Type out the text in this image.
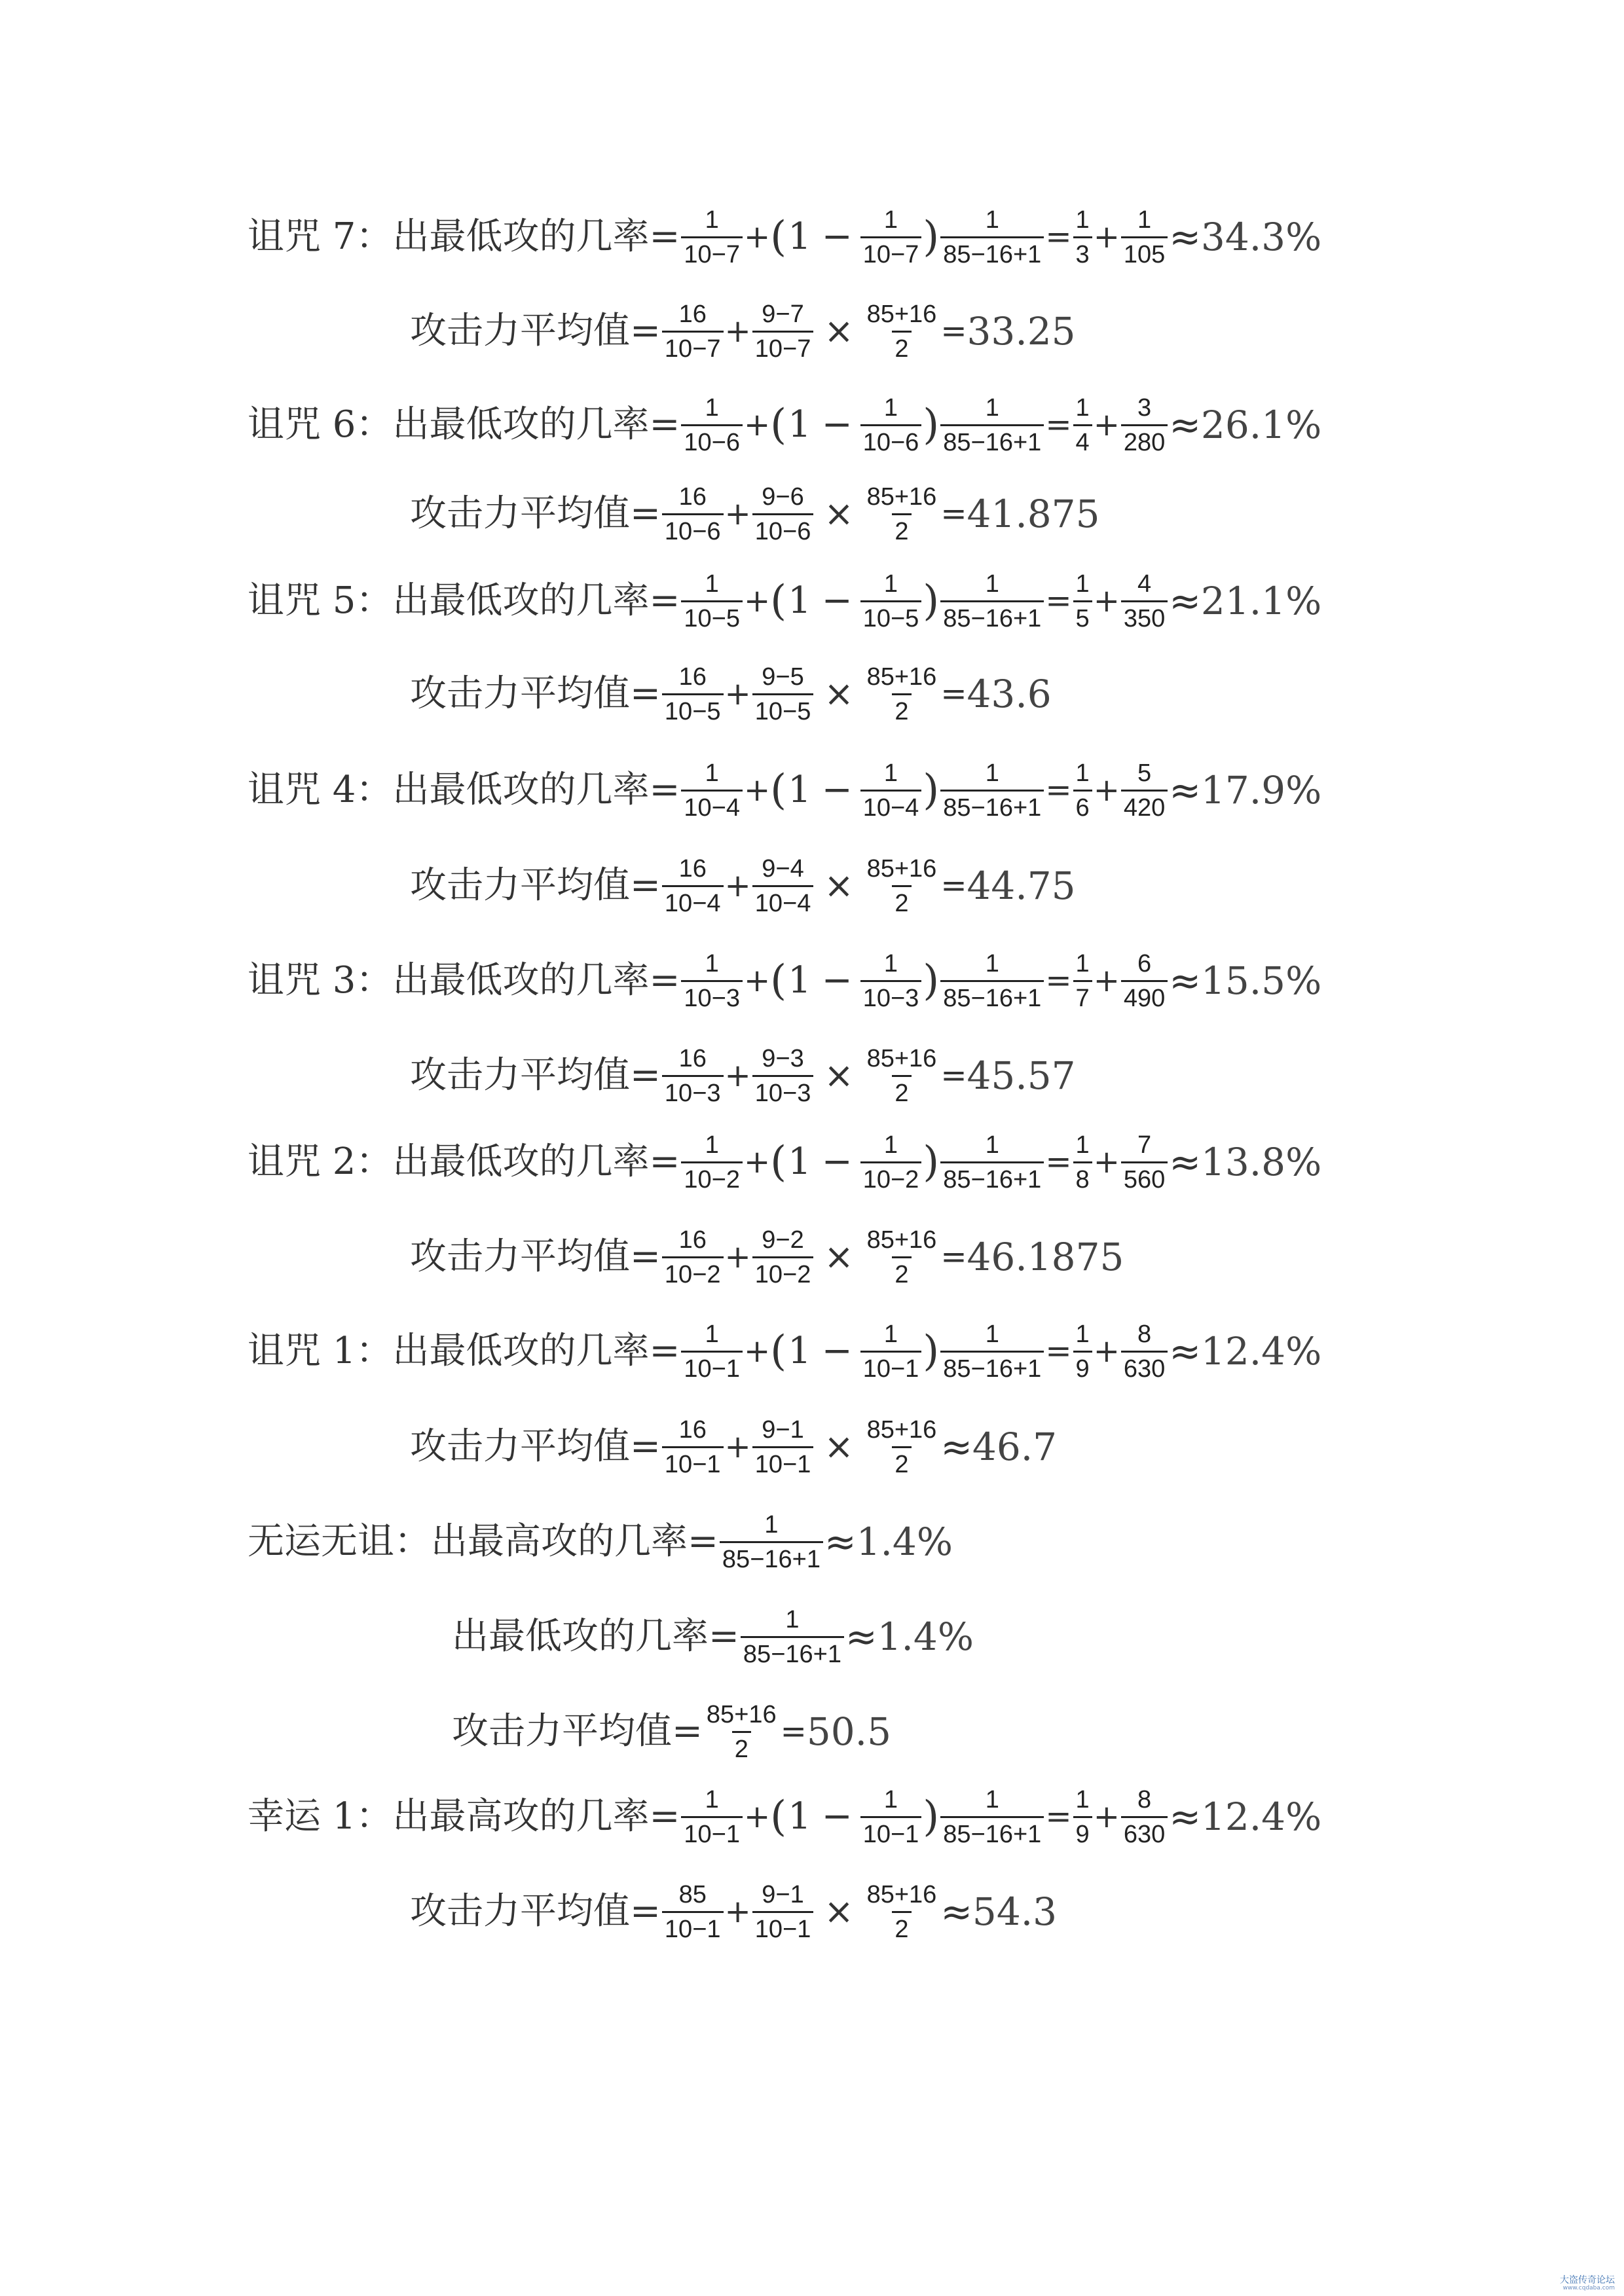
诅咒 7： 出最低攻的几率= $\frac{1}{10-7}$ + ( $1 - \frac{1}{10-7}$ ) $\frac{1}{85-16+1} = \frac{1}{3} + \frac{1}{105} \approx 34.3\%$
攻击力平均值= $\frac{16}{10-7} + \frac{9-7}{10-7} \times \frac{85+16}{2} = 33.25$
诅咒 6： 出最低攻的几率= $\frac{1}{10-6}$ + ( $1 - \frac{1}{10-6}$ ) $\frac{1}{85-16+1} = \frac{1}{4} + \frac{3}{280} \approx 26.1\%$
攻击力平均值= $\frac{16}{10-6} + \frac{9-6}{10-6} \times \frac{85+16}{2} = 41.875$
诅咒 5： 出最低攻的几率= $\frac{1}{10-5}$ + ( $1 - \frac{1}{10-5}$ ) $\frac{1}{85-16+1} = \frac{1}{5} + \frac{4}{350} \approx 21.1\%$
攻击力平均值= $\frac{16}{10-5} + \frac{9-5}{10-5} \times \frac{85+16}{2} = 43.6$
诅咒 4： 出最低攻的几率= $\frac{1}{10-4}$ + ( $1 - \frac{1}{10-4}$ ) $\frac{1}{85-16+1} = \frac{1}{6} + \frac{5}{420} \approx 17.9\%$
攻击力平均值= $\frac{16}{10-4} + \frac{9-4}{10-4} \times \frac{85+16}{2} = 44.75$
诅咒 3： 出最低攻的几率= $\frac{1}{10-3}$ + ( $1 - \frac{1}{10-3}$ ) $\frac{1}{85-16+1} = \frac{1}{7} + \frac{6}{490} \approx 15.5\%$
攻击力平均值= $\frac{16}{10-3} + \frac{9-3}{10-3} \times \frac{85+16}{2} = 45.57$
诅咒 2： 出最低攻的几率= $\frac{1}{10-2}$ + ( $1 - \frac{1}{10-2}$ ) $\frac{1}{85-16+1} = \frac{1}{8} + \frac{7}{560} \approx 13.8\%$
攻击力平均值= $\frac{16}{10-2} + \frac{9-2}{10-2} \times \frac{85+16}{2} = 46.1875$
诅咒 1： 出最低攻的几率= $\frac{1}{10-1}$ + ( $1 - \frac{1}{10-1}$ ) $\frac{1}{85-16+1} = \frac{1}{9} + \frac{8}{630} \approx 12.4\%$
攻击力平均值= $\frac{16}{10-1} + \frac{9-1}{10-1} \times \frac{85+16}{2} \approx 46.7$
无运无诅： 出最高攻的几率= $\frac{1}{85-16+1} \approx 1.4\%$
出最低攻的几率= $\frac{1}{85-16+1} \approx 1.4\%$
攻击力平均值= $\frac{85+16}{2} = 50.5$
幸运 1： 出最高攻的几率= $\frac{1}{10-1}$ + ( $1 - \frac{1}{10-1}$ ) $\frac{1}{85-16+1} = \frac{1}{9} + \frac{8}{630} \approx 12.4\%$
攻击力平均值= $\frac{85}{10-1} + \frac{9-1}{10-1} \times \frac{85+16}{2} \approx 54.3$
大盗传奇论坛
www.cqdaba.com
